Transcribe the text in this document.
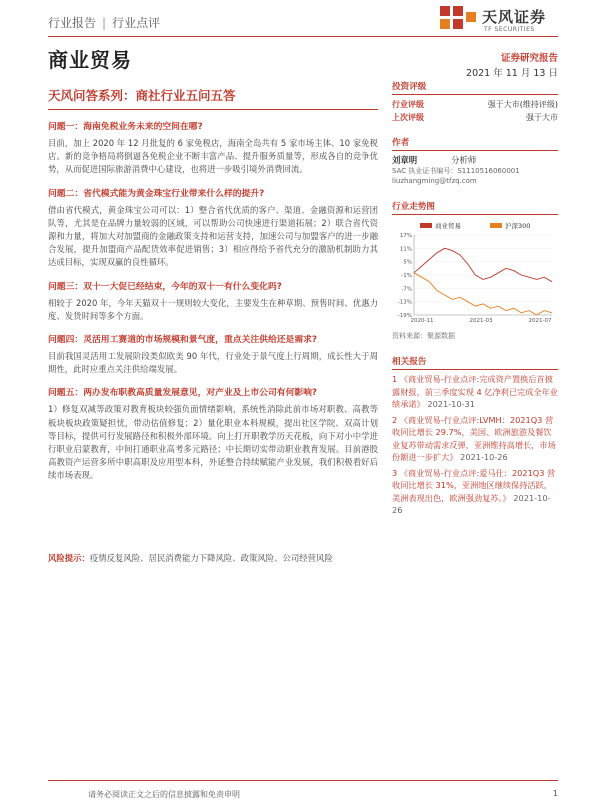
行业报告 | 行业点评	天风证券
TF SECURITIES
商业贸易	证券研究报告
2021 年 11 月 13 日
天风问答系列：商社行业五问五答
问题一：海南免税业务未来的空间在哪?
目前，加上 2020 年 12 月批复的 6 家免税店，海南全岛共有 5 家市场主体、10 家免税店。新的竞争格局将倒逼各免税企业不断丰富产品、提升服务质量等，形成各自的竞争优势，从而促进国际旅游消费中心建设，也将进一步吸引境外消费回流。
问题二：省代模式能为黄金珠宝行业带来什么样的提升?
借由省代模式，黄金珠宝公司可以：1）整合省代优质的客户、渠道、金融资源和运营团队等，尤其是在品牌力量较弱的区域，可以帮助公司快速进行渠道拓展；2）联合省代资源和力量，将加大对加盟商的金融政策支持和运营支持，加速公司与加盟客户的进一步融合发展，提升加盟商产品配货效率促进销售；3）相应得给予省代充分的激励机制助力其达成目标，实现双赢的良性循环。
问题三：双十一大促已经结束，今年的双十一有什么变化吗?
相较于 2020 年，今年天猫双十一规则较大变化，主要发生在种草期、预售时间、优惠力度、发货时间等多个方面。
问题四：灵活用工赛道的市场规模和景气度，重点关注供给还是需求?
目前我国灵活用工发展阶段类似欧美 90 年代，行业处于景气度上行周期，成长性大于周期性，此时应重点关注供给端发展。
问题五：两办发布职教高质量发展意见，对产业及上市公司有何影响?
1）修复双减等政策对教育板块较强负面情绪影响，系统性消除此前市场对职教、高教等板块板块政策疑担忧，带动估值修复；2）量化职业本科规模，提出社区学院、双高计划等目标，提供可行发展路径和积极外部环境。向上打开职教学历天花板，向下对小中学进行职业启蒙教育，中间打通职业高考多元路径；中长期切实带动职业教育发展。目前港股高教资产运营多所中职高职及应用型本科，外延整合持续赋能产业发展，我们积极看好后续市场表现。
风险提示：疫情反复风险、居民消费能力下降风险、政策风险、公司经营风险
投资评级
行业评级	强于大市(维持评级)
上次评级	强于大市
作者
刘章明	分析师
SAC 执业证书编号：S1110516060001
liuzhangming@tfzq.com
行业走势图
商业贸易	沪深300
17%
11%
5%
-1%
-7%
-13%
-19%
2020-11	2021-03	2021-07
资料来源：聚源数据
相关报告
1 《商业贸易-行业点评:完成资产置换后首披露财报，前三季度实现 4 亿净利已完成全年业绩承诺》 2021-10-31
2 《商业贸易-行业点评:LVMH：2021Q3 营收同比增长 29.7%，美国、欧洲旅游及餐饮业复苏带动需求反弹，亚洲维持高增长，市场份额进一步扩大》 2021-10-26
3 《商业贸易-行业点评:爱马仕：2021Q3 营收同比增长 31%，亚洲地区继续保持活跃，美洲表现出色，欧洲强劲复苏。》 2021-10-26
请务必阅读正文之后的信息披露和免责申明	1
